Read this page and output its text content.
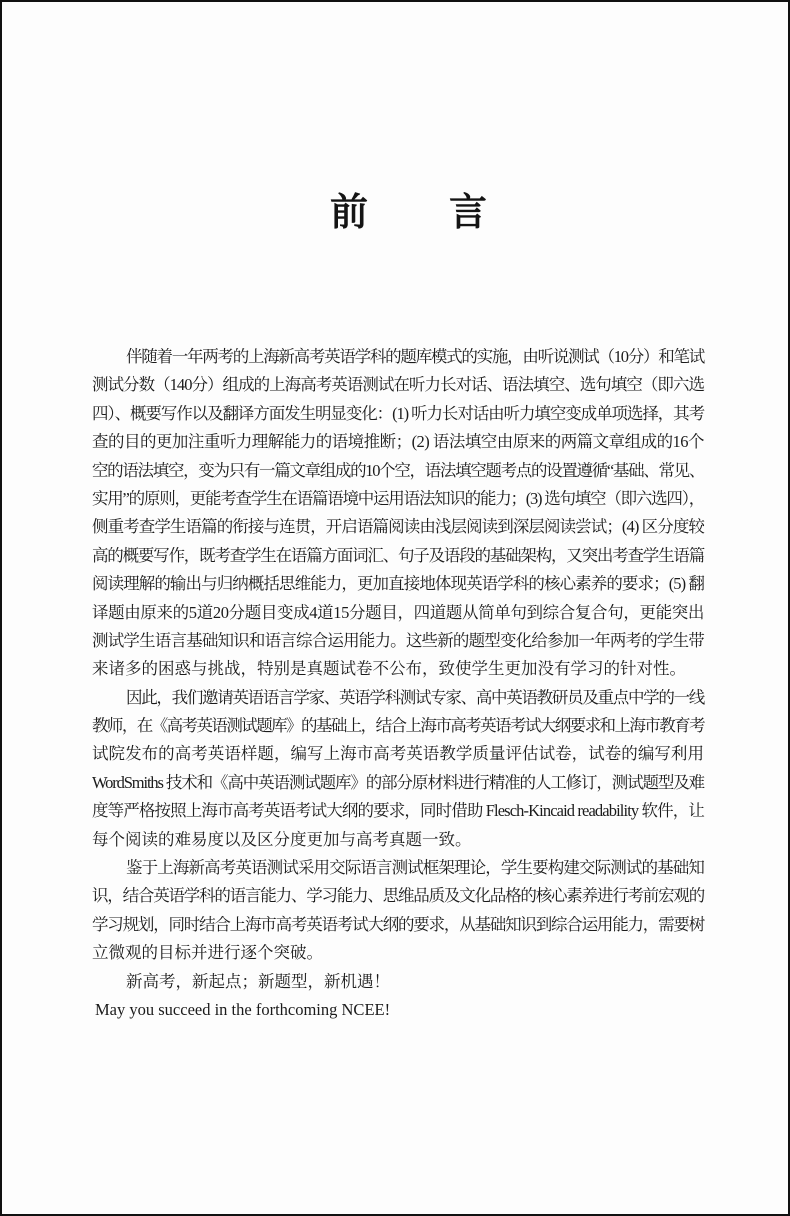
前言
伴随着一年两考的上海新高考英语学科的题库模式的实施，由听说测试（10分）和笔试
测试分数（140分）组成的上海高考英语测试在听力长对话、语法填空、选句填空（即六选
四）、概要写作以及翻译方面发生明显变化：(1) 听力长对话由听力填空变成单项选择，其考
查的目的更加注重听力理解能力的语境推断；(2) 语法填空由原来的两篇文章组成的16个
空的语法填空，变为只有一篇文章组成的10个空，语法填空题考点的设置遵循“基础、常见、
实用”的原则，更能考查学生在语篇语境中运用语法知识的能力；(3) 选句填空（即六选四），
侧重考查学生语篇的衔接与连贯，开启语篇阅读由浅层阅读到深层阅读尝试；(4) 区分度较
高的概要写作，既考查学生在语篇方面词汇、句子及语段的基础架构，又突出考查学生语篇
阅读理解的输出与归纳概括思维能力，更加直接地体现英语学科的核心素养的要求；(5) 翻
译题由原来的5道20分题目变成4道15分题目，四道题从简单句到综合复合句，更能突出
测试学生语言基础知识和语言综合运用能力。这些新的题型变化给参加一年两考的学生带
来诸多的困惑与挑战，特别是真题试卷不公布，致使学生更加没有学习的针对性。
因此，我们邀请英语语言学家、英语学科测试专家、高中英语教研员及重点中学的一线
教师，在《高考英语测试题库》的基础上，结合上海市高考英语考试大纲要求和上海市教育考
试院发布的高考英语样题，编写上海市高考英语教学质量评估试卷，试卷的编写利用
WordSmiths 技术和《高中英语测试题库》的部分原材料进行精准的人工修订，测试题型及难
度等严格按照上海市高考英语考试大纲的要求，同时借助 Flesch-Kincaid readability 软件，让
每个阅读的难易度以及区分度更加与高考真题一致。
鉴于上海新高考英语测试采用交际语言测试框架理论，学生要构建交际测试的基础知
识，结合英语学科的语言能力、学习能力、思维品质及文化品格的核心素养进行考前宏观的
学习规划，同时结合上海市高考英语考试大纲的要求，从基础知识到综合运用能力，需要树
立微观的目标并进行逐个突破。
新高考，新起点；新题型，新机遇！
May you succeed in the forthcoming NCEE!
